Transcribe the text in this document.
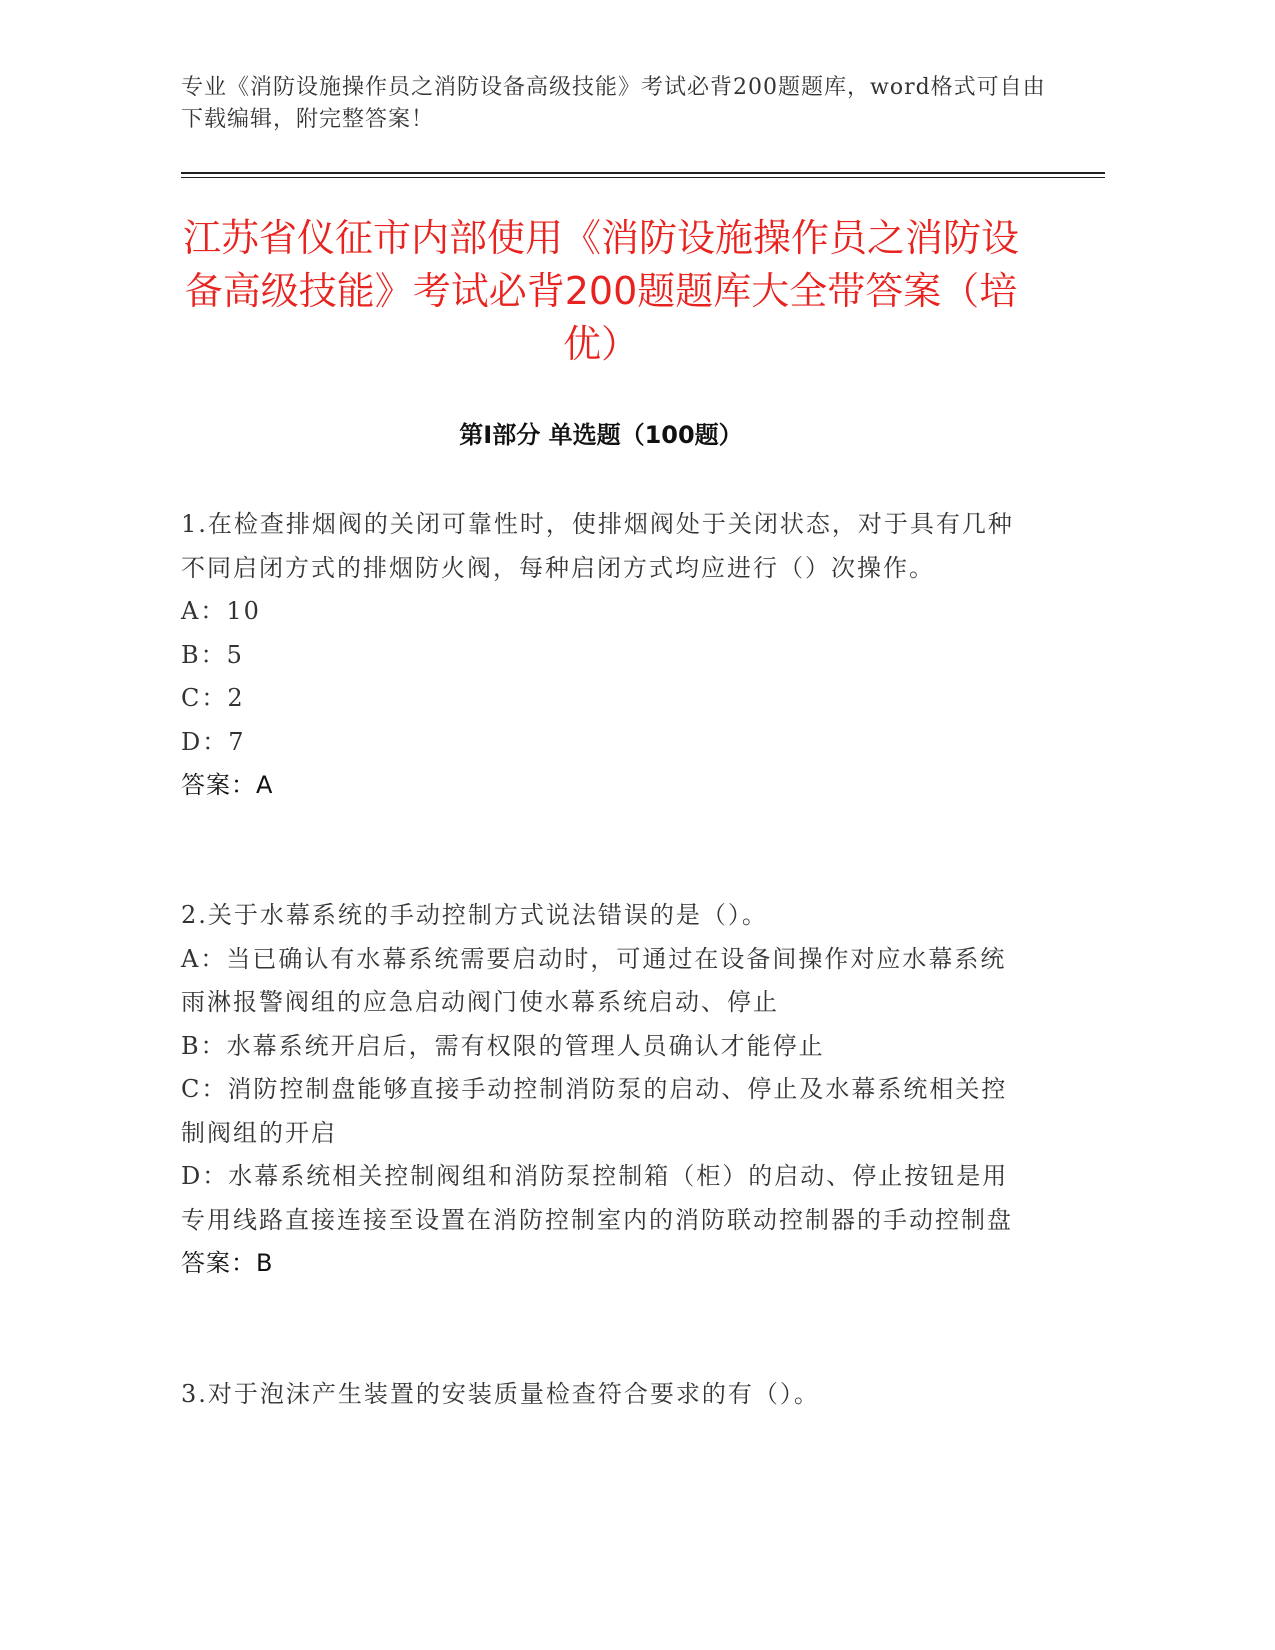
专业《消防设施操作员之消防设备高级技能》考试必背200题题库，word格式可自由下载编辑，附完整答案！
江苏省仪征市内部使用《消防设施操作员之消防设备高级技能》考试必背200题题库大全带答案（培优）
第Ⅰ部分 单选题（100题）
1.在检查排烟阀的关闭可靠性时，使排烟阀处于关闭状态，对于具有几种不同启闭方式的排烟防火阀，每种启闭方式均应进行（）次操作。
A：10
B：5
C：2
D：7
答案：A
2.关于水幕系统的手动控制方式说法错误的是（）。
A：当已确认有水幕系统需要启动时，可通过在设备间操作对应水幕系统雨淋报警阀组的应急启动阀门使水幕系统启动、停止
B：水幕系统开启后，需有权限的管理人员确认才能停止
C：消防控制盘能够直接手动控制消防泵的启动、停止及水幕系统相关控制阀组的开启
D：水幕系统相关控制阀组和消防泵控制箱（柜）的启动、停止按钮是用专用线路直接连接至设置在消防控制室内的消防联动控制器的手动控制盘
答案：B
3.对于泡沫产生装置的安装质量检查符合要求的有（）。
